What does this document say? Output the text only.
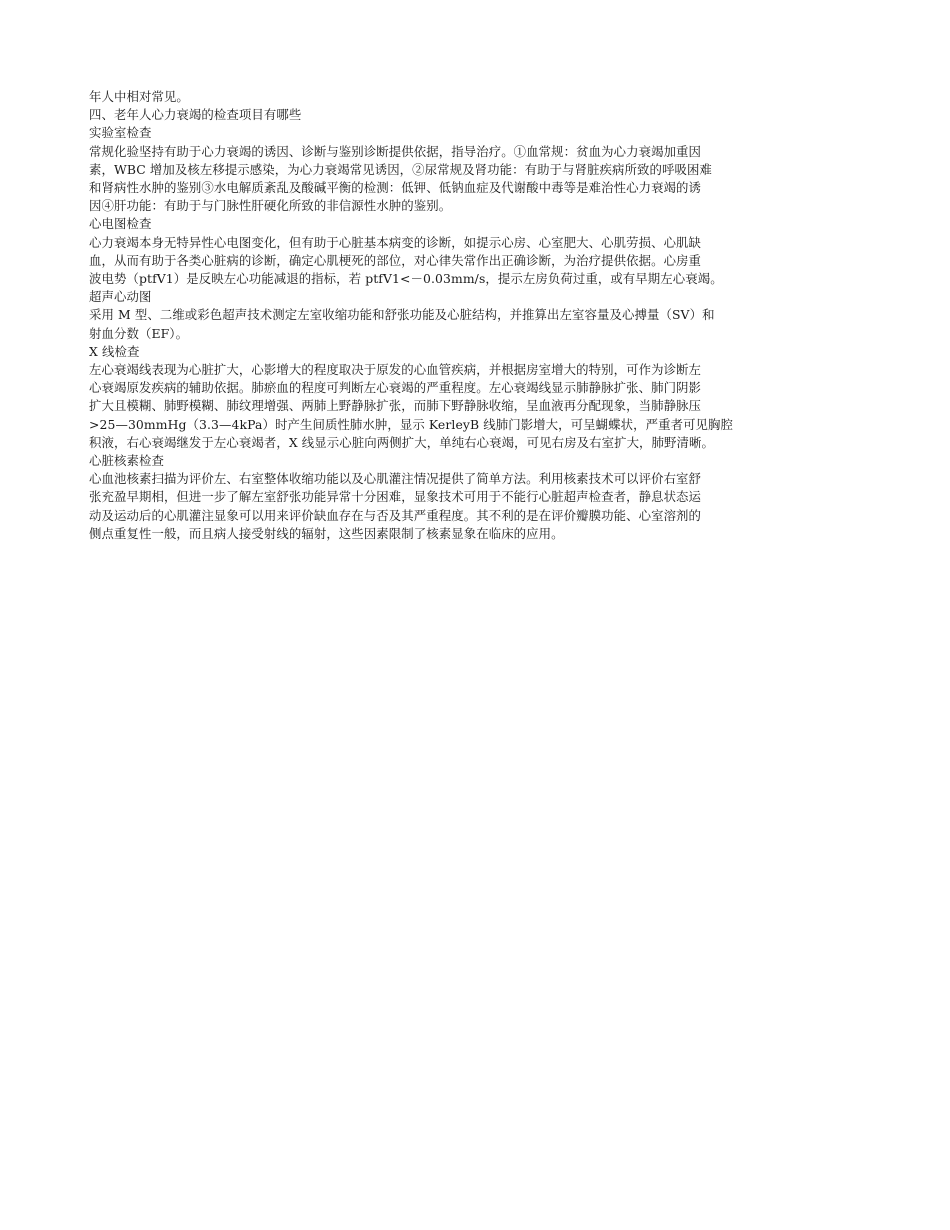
年人中相对常见。

四、老年人心力衰竭的检查项目有哪些

实验室检查

常规化验坚持有助于心力衰竭的诱因、诊断与鉴别诊断提供依据，指导治疗。①血常规：贫血为心力衰竭加重因

素，WBC 增加及核左移提示感染，为心力衰竭常见诱因，②尿常规及肾功能：有助于与肾脏疾病所致的呼吸困难

和肾病性水肿的鉴别③水电解质紊乱及酸碱平衡的检测：低钾、低钠血症及代谢酸中毒等是难治性心力衰竭的诱

因④肝功能：有助于与门脉性肝硬化所致的非信源性水肿的鉴别。

心电图检查

心力衰竭本身无特异性心电图变化，但有助于心脏基本病变的诊断，如提示心房、心室肥大、心肌劳损、心肌缺

血，从而有助于各类心脏病的诊断，确定心肌梗死的部位，对心律失常作出正确诊断，为治疗提供依据。心房重

波电势（ptfV1）是反映左心功能减退的指标，若 ptfV1<－0.03mm/s，提示左房负荷过重，或有早期左心衰竭。

超声心动图

采用 M 型、二维或彩色超声技术测定左室收缩功能和舒张功能及心脏结构，并推算出左室容量及心搏量（SV）和

射血分数（EF）。

X 线检查

左心衰竭线表现为心脏扩大，心影增大的程度取决于原发的心血管疾病，并根据房室增大的特别，可作为诊断左

心衰竭原发疾病的辅助依据。肺瘀血的程度可判断左心衰竭的严重程度。左心衰竭线显示肺静脉扩张、肺门阴影

扩大且模糊、肺野模糊、肺纹理增强、两肺上野静脉扩张，而肺下野静脉收缩，呈血液再分配现象，当肺静脉压

>25—30mmHg（3.3—4kPa）时产生间质性肺水肿，显示 KerleyB 线肺门影增大，可呈蝴蝶状，严重者可见胸腔

积液，右心衰竭继发于左心衰竭者，X 线显示心脏向两侧扩大，单纯右心衰竭，可见右房及右室扩大，肺野清晰。

心脏核素检查

心血池核素扫描为评价左、右室整体收缩功能以及心肌灌注情况提供了简单方法。利用核素技术可以评价右室舒

张充盈早期相，但进一步了解左室舒张功能异常十分困难，显象技术可用于不能行心脏超声检查者，静息状态运

动及运动后的心肌灌注显象可以用来评价缺血存在与否及其严重程度。其不利的是在评价瓣膜功能、心室溶剂的

侧点重复性一般，而且病人接受射线的辐射，这些因素限制了核素显象在临床的应用。
